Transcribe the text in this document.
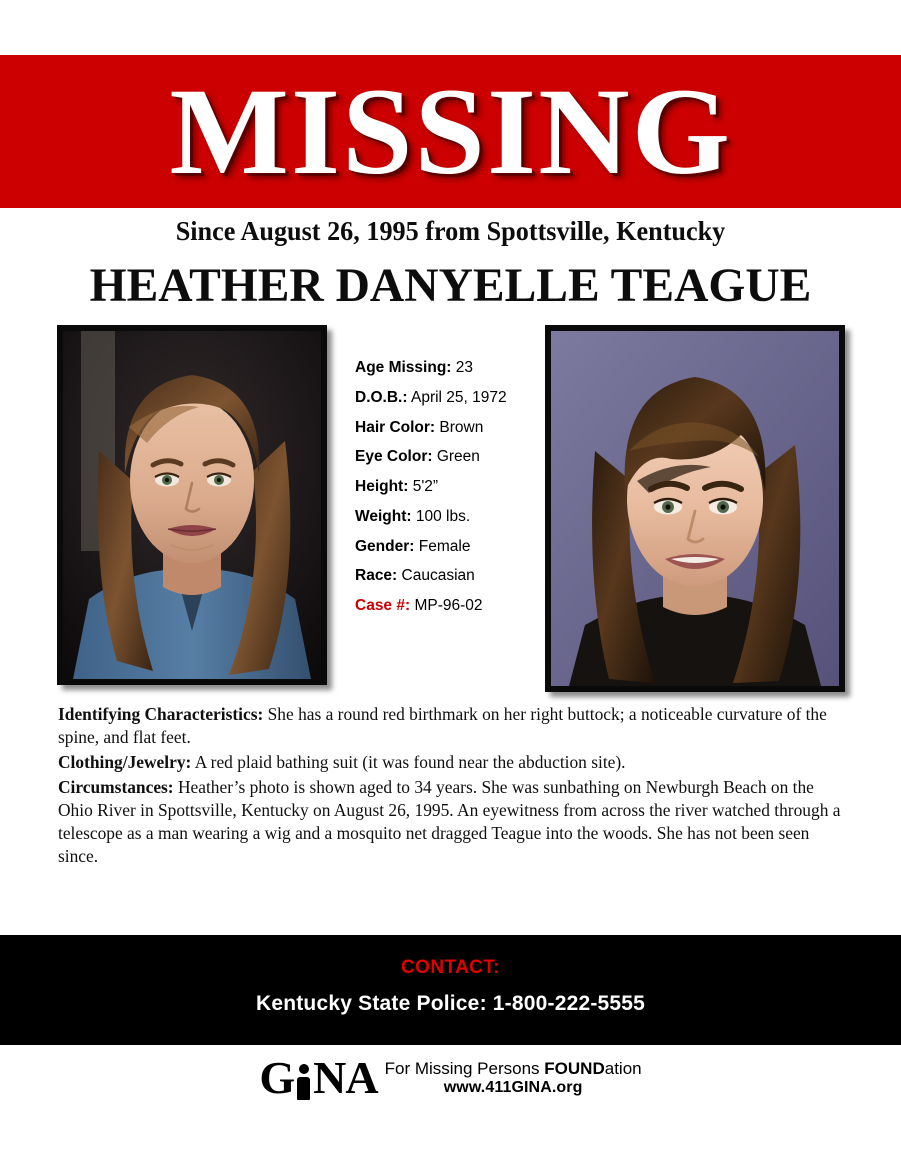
MISSING
Since August 26, 1995 from Spottsville, Kentucky
HEATHER DANYELLE TEAGUE
Age Missing: 23
D.O.B.: April 25, 1972
Hair Color: Brown
Eye Color: Green
Height: 5'2”
Weight: 100 lbs.
Gender: Female
Race: Caucasian
Case #: MP-96-02

Identifying Characteristics: She has a round red birthmark on her right buttock; a noticeable curvature of the spine, and flat feet.

Clothing/Jewelry: A red plaid bathing suit (it was found near the abduction site).

Circumstances: Heather’s photo is shown aged to 34 years. She was sunbathing on Newburgh Beach on the Ohio River in Spottsville, Kentucky on August 26, 1995. An eyewitness from across the river watched through a telescope as a man wearing a wig and a mosquito net dragged Teague into the woods. She has not been seen since.

CONTACT:
Kentucky State Police: 1-800-222-5555
G NA For Missing Persons FOUNDation
www.411GINA.org
